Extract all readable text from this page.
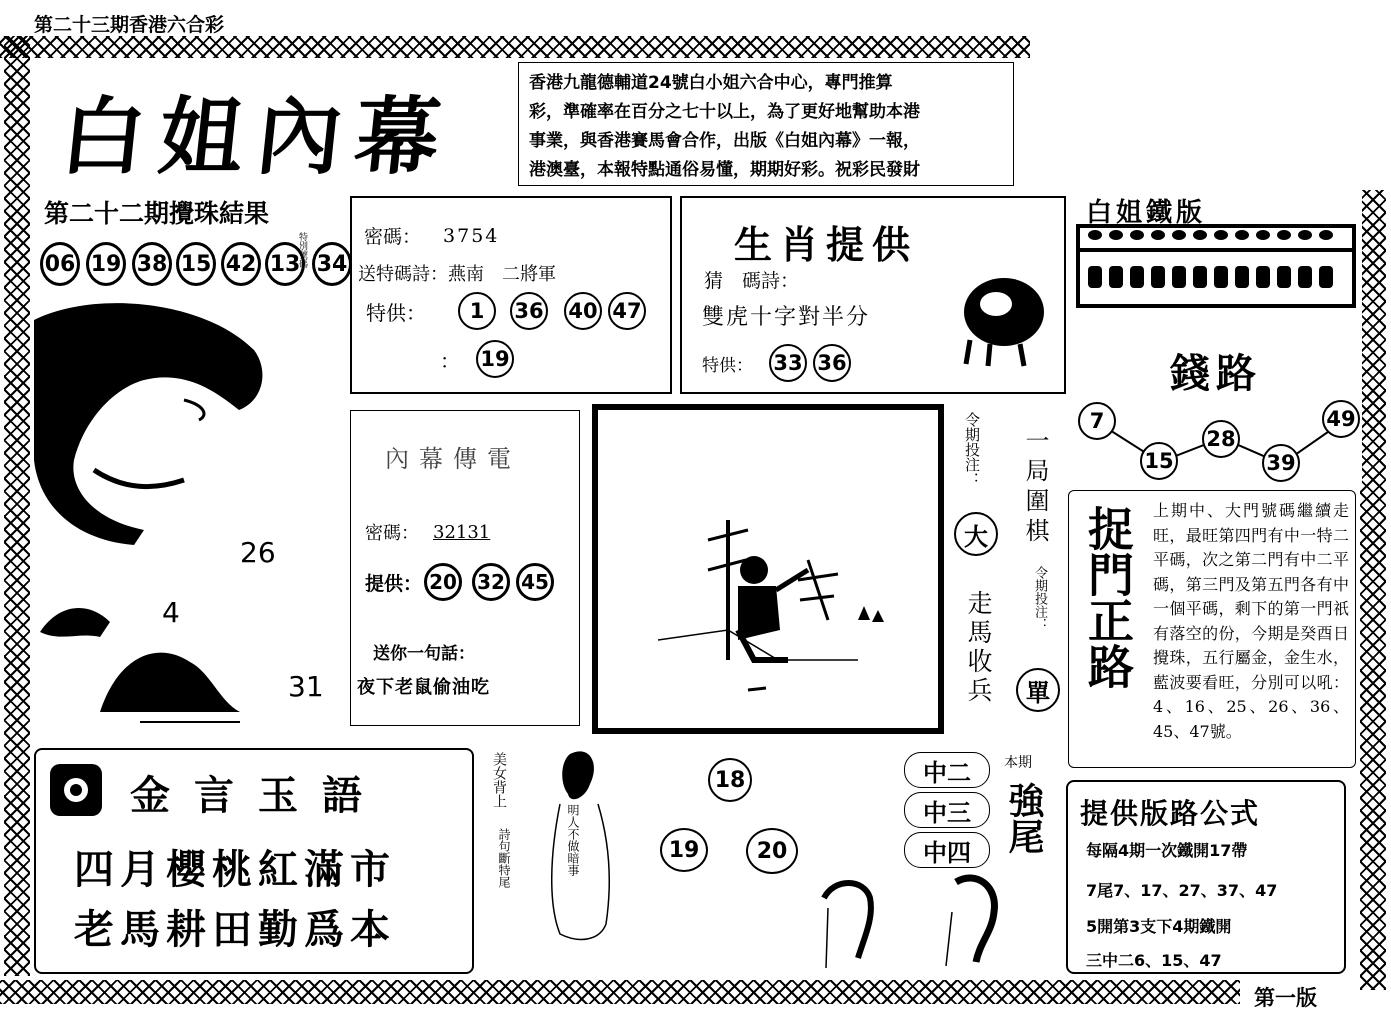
第二十三期香港六合彩
白姐內幕
香港九龍德輔道24號白小姐六合中心，專門推算
彩，準確率在百分之七十以上，為了更好地幫助本港
事業，與香港賽馬會合作，出版《白姐內幕》一報，
港澳臺，本報特點通俗易懂，期期好彩。祝彩民發財
第二十二期攪珠結果
06 19 38 15 42 13
特別號碼 34
26
4
31
密碼： 3754
送特碼詩： 燕南　二將軍
特供：	1	36 40 47
： 19
生肖提供
猜　碼詩：
雙虎十字對半分
特供： 33 36
白姐鐵版
錢路
7
15
28
39
49
內幕傳電
密碼： 32131
提供： 20 32 45
送你一句話：
夜下老鼠偷油吃
令期投注：
大	一局圍棋
令期投注：
走馬收兵	單
捉門正路 上期中、大門號碼繼續走旺，最旺第四門有中一特二平碼，次之第二門有中二平碼，第三門及第五門各有中一個平碼，剩下的第一門祇有落空的份，今期是癸酉日攪珠，五行屬金，金生水，藍波要看旺，分別可以吼：4、16、25、26、36、45、47號。
金言玉語
四月櫻桃紅滿市
老馬耕田勤爲本
美女背上
詩句斷特尾	明人不做暗事
18
19	20
中二
中三
中四
本期
強尾 提供版路公式
每隔4期一次鐵開17帶
7尾7、17、27、37、47
5開第3支下4期鐵開
三中二6、15、47
第一版
